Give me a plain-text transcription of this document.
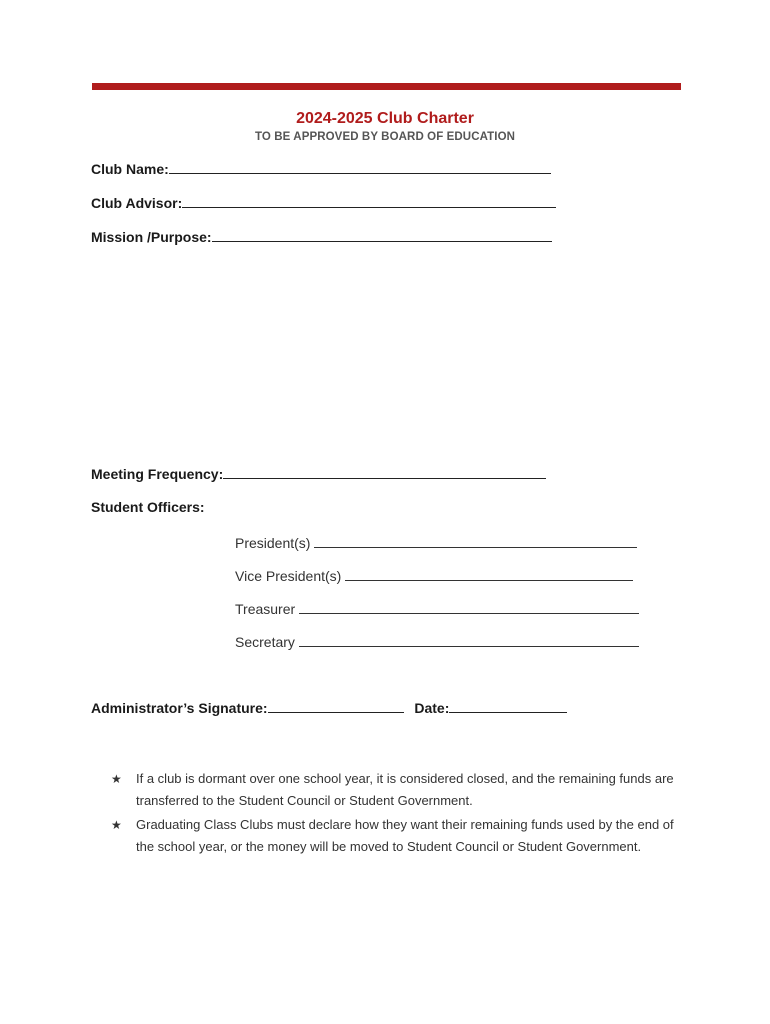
2024-2025 Club Charter
TO BE APPROVED BY BOARD OF EDUCATION
Club Name:
Club Advisor:
Mission /Purpose:
Meeting Frequency:
Student Officers:
President(s)
Vice President(s)
Treasurer
Secretary
Administrator’s Signature:	Date:
★ If a club is dormant over one school year, it is considered closed, and the remaining funds are transferred to the Student Council or Student Government.
★ Graduating Class Clubs must declare how they want their remaining funds used by the end of the school year, or the money will be moved to Student Council or Student Government.
